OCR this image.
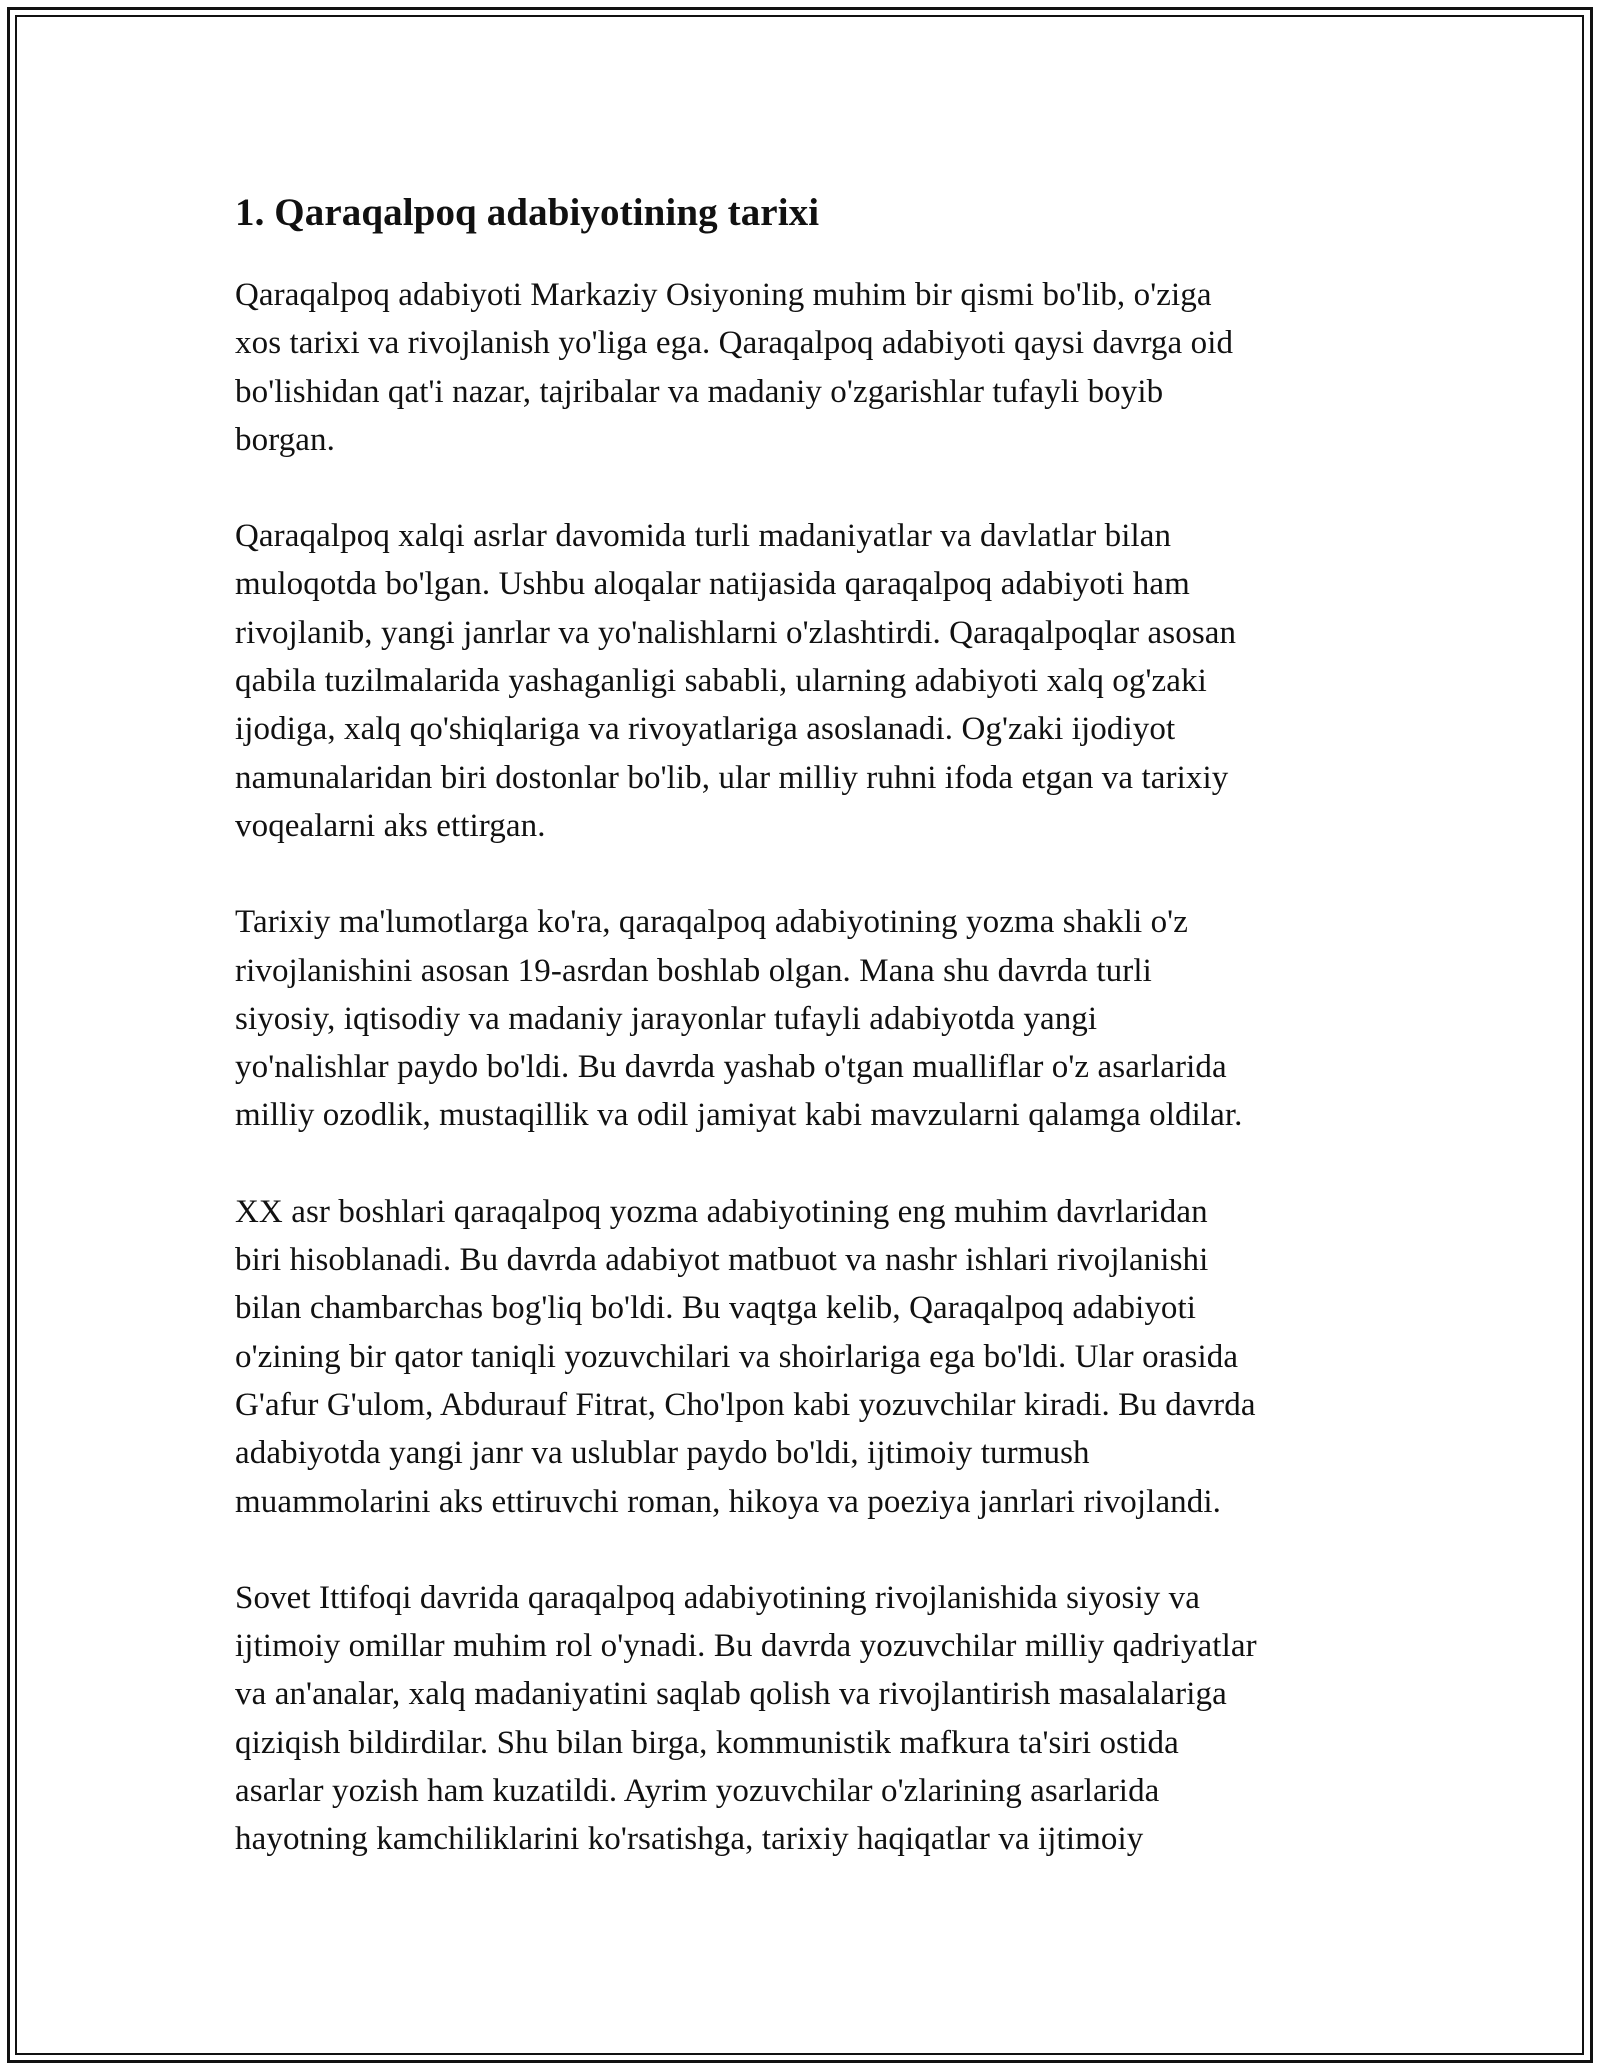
1. Qaraqalpoq adabiyotining tarixi

Qaraqalpoq adabiyoti Markaziy Osiyoning muhim bir qismi bo'lib, o'ziga
xos tarixi va rivojlanish yo'liga ega. Qaraqalpoq adabiyoti qaysi davrga oid
bo'lishidan qat'i nazar, tajribalar va madaniy o'zgarishlar tufayli boyib
borgan.

Qaraqalpoq xalqi asrlar davomida turli madaniyatlar va davlatlar bilan
muloqotda bo'lgan. Ushbu aloqalar natijasida qaraqalpoq adabiyoti ham
rivojlanib, yangi janrlar va yo'nalishlarni o'zlashtirdi. Qaraqalpoqlar asosan
qabila tuzilmalarida yashaganligi sababli, ularning adabiyoti xalq og'zaki
ijodiga, xalq qo'shiqlariga va rivoyatlariga asoslanadi. Og'zaki ijodiyot
namunalaridan biri dostonlar bo'lib, ular milliy ruhni ifoda etgan va tarixiy
voqealarni aks ettirgan.

Tarixiy ma'lumotlarga ko'ra, qaraqalpoq adabiyotining yozma shakli o'z
rivojlanishini asosan 19-asrdan boshlab olgan. Mana shu davrda turli
siyosiy, iqtisodiy va madaniy jarayonlar tufayli adabiyotda yangi
yo'nalishlar paydo bo'ldi. Bu davrda yashab o'tgan mualliflar o'z asarlarida
milliy ozodlik, mustaqillik va odil jamiyat kabi mavzularni qalamga oldilar.

XX asr boshlari qaraqalpoq yozma adabiyotining eng muhim davrlaridan
biri hisoblanadi. Bu davrda adabiyot matbuot va nashr ishlari rivojlanishi
bilan chambarchas bog'liq bo'ldi. Bu vaqtga kelib, Qaraqalpoq adabiyoti
o'zining bir qator taniqli yozuvchilari va shoirlariga ega bo'ldi. Ular orasida
G'afur G'ulom, Abdurauf Fitrat, Cho'lpon kabi yozuvchilar kiradi. Bu davrda
adabiyotda yangi janr va uslublar paydo bo'ldi, ijtimoiy turmush
muammolarini aks ettiruvchi roman, hikoya va poeziya janrlari rivojlandi.

Sovet Ittifoqi davrida qaraqalpoq adabiyotining rivojlanishida siyosiy va
ijtimoiy omillar muhim rol o'ynadi. Bu davrda yozuvchilar milliy qadriyatlar
va an'analar, xalq madaniyatini saqlab qolish va rivojlantirish masalalariga
qiziqish bildirdilar. Shu bilan birga, kommunistik mafkura ta'siri ostida
asarlar yozish ham kuzatildi. Ayrim yozuvchilar o'zlarining asarlarida
hayotning kamchiliklarini ko'rsatishga, tarixiy haqiqatlar va ijtimoiy
